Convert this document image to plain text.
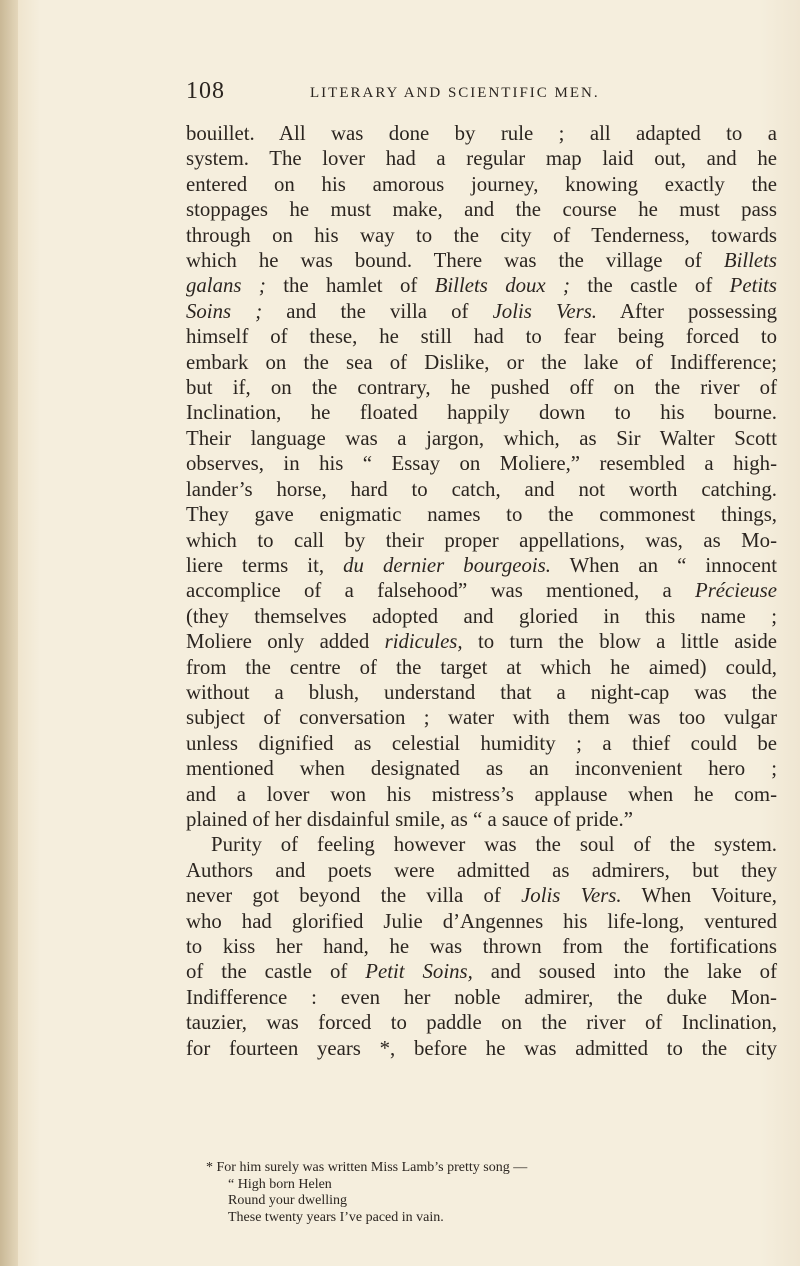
108	LITERARY AND SCIENTIFIC MEN.
bouillet. All was done by rule ; all adapted to a
system. The lover had a regular map laid out, and he
entered on his amorous journey, knowing exactly the
stoppages he must make, and the course he must pass
through on his way to the city of Tenderness, towards
which he was bound. There was the village of Billets
galans ; the hamlet of Billets doux ; the castle of Petits
Soins ; and the villa of Jolis Vers. After possessing
himself of these, he still had to fear being forced to
embark on the sea of Dislike, or the lake of Indifference;
but if, on the contrary, he pushed off on the river of
Inclination, he floated happily down to his bourne.
Their language was a jargon, which, as Sir Walter Scott
observes, in his “ Essay on Moliere,” resembled a high-
lander’s horse, hard to catch, and not worth catching.
They gave enigmatic names to the commonest things,
which to call by their proper appellations, was, as Mo-
liere terms it, du dernier bourgeois. When an “ innocent
accomplice of a falsehood” was mentioned, a Précieuse
(they themselves adopted and gloried in this name ;
Moliere only added ridicules, to turn the blow a little aside
from the centre of the target at which he aimed) could,
without a blush, understand that a night-cap was the
subject of conversation ; water with them was too vulgar
unless dignified as celestial humidity ; a thief could be
mentioned when designated as an inconvenient hero ;
and a lover won his mistress’s applause when he com-
plained of her disdainful smile, as “ a sauce of pride.”
Purity of feeling however was the soul of the system.
Authors and poets were admitted as admirers, but they
never got beyond the villa of Jolis Vers. When Voiture,
who had glorified Julie d’Angennes his life-long, ventured
to kiss her hand, he was thrown from the fortifications
of the castle of Petit Soins, and soused into the lake of
Indifference : even her noble admirer, the duke Mon-
tauzier, was forced to paddle on the river of Inclination,
for fourteen years *, before he was admitted to the city
* For him surely was written Miss Lamb’s pretty song —
“ High born Helen
Round your dwelling
These twenty years I’ve paced in vain.
